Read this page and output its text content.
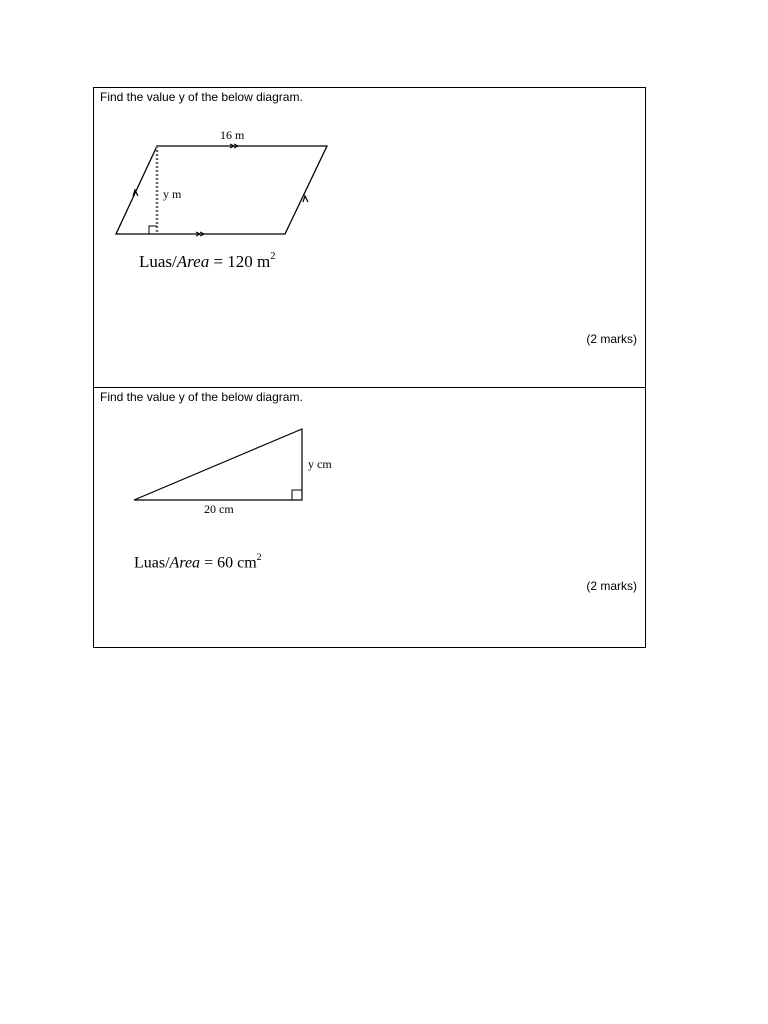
Find the value y of the below diagram.
16 m
y m
Luas/Area = 120 $m^2$
(2 marks)
Find the value y of the below diagram.
y cm
20 cm
Luas/Area = 60 $cm^2$
(2 marks)
